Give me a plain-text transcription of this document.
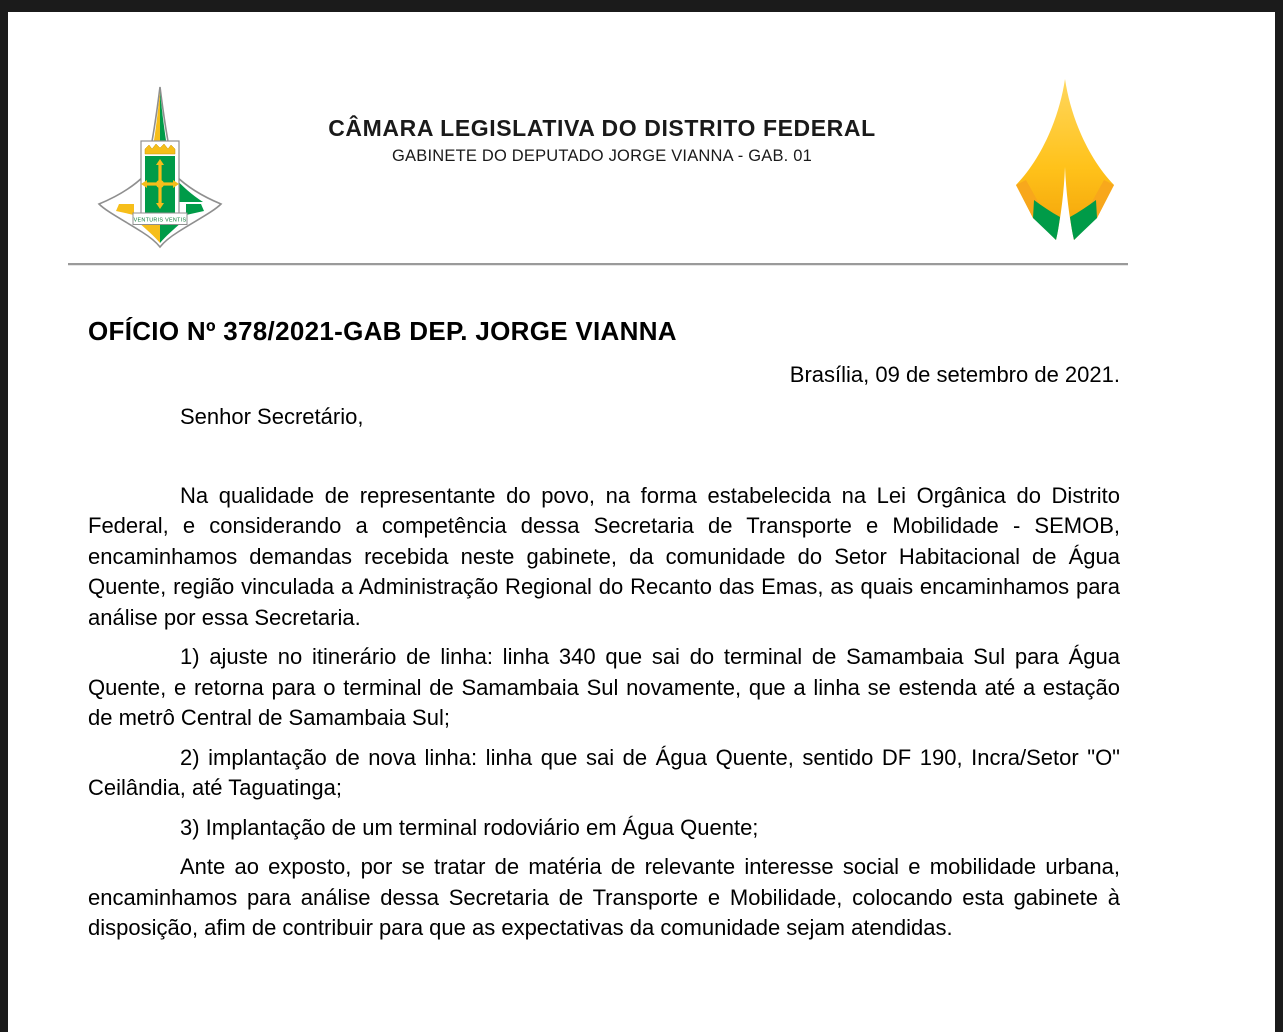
VENTURIS VENTIS
CÂMARA LEGISLATIVA DO DISTRITO FEDERAL
GABINETE DO DEPUTADO JORGE VIANNA - GAB. 01
OFÍCIO Nº 378/2021-GAB DEP. JORGE VIANNA

Brasília, 09 de setembro de 2021.

Senhor Secretário,

Na qualidade de representante do povo, na forma estabelecida na Lei Orgânica do Distrito Federal, e considerando a competência dessa Secretaria de Transporte e Mobilidade - SEMOB, encaminhamos demandas recebida neste gabinete, da comunidade do Setor Habitacional de Água Quente, região vinculada a Administração Regional do Recanto das Emas, as quais encaminhamos para análise por essa Secretaria.

1) ajuste no itinerário de linha: linha 340 que sai do terminal de Samambaia Sul para Água Quente, e retorna para o terminal de Samambaia Sul novamente, que a linha se estenda até a estação de metrô Central de Samambaia Sul;

2) implantação de nova linha: linha que sai de Água Quente, sentido DF 190, Incra/Setor "O" Ceilândia, até Taguatinga;

3) Implantação de um terminal rodoviário em Água Quente;

Ante ao exposto, por se tratar de matéria de relevante interesse social e mobilidade urbana, encaminhamos para análise dessa Secretaria de Transporte e Mobilidade, colocando esta gabinete à disposição, afim de contribuir para que as expectativas da comunidade sejam atendidas.
